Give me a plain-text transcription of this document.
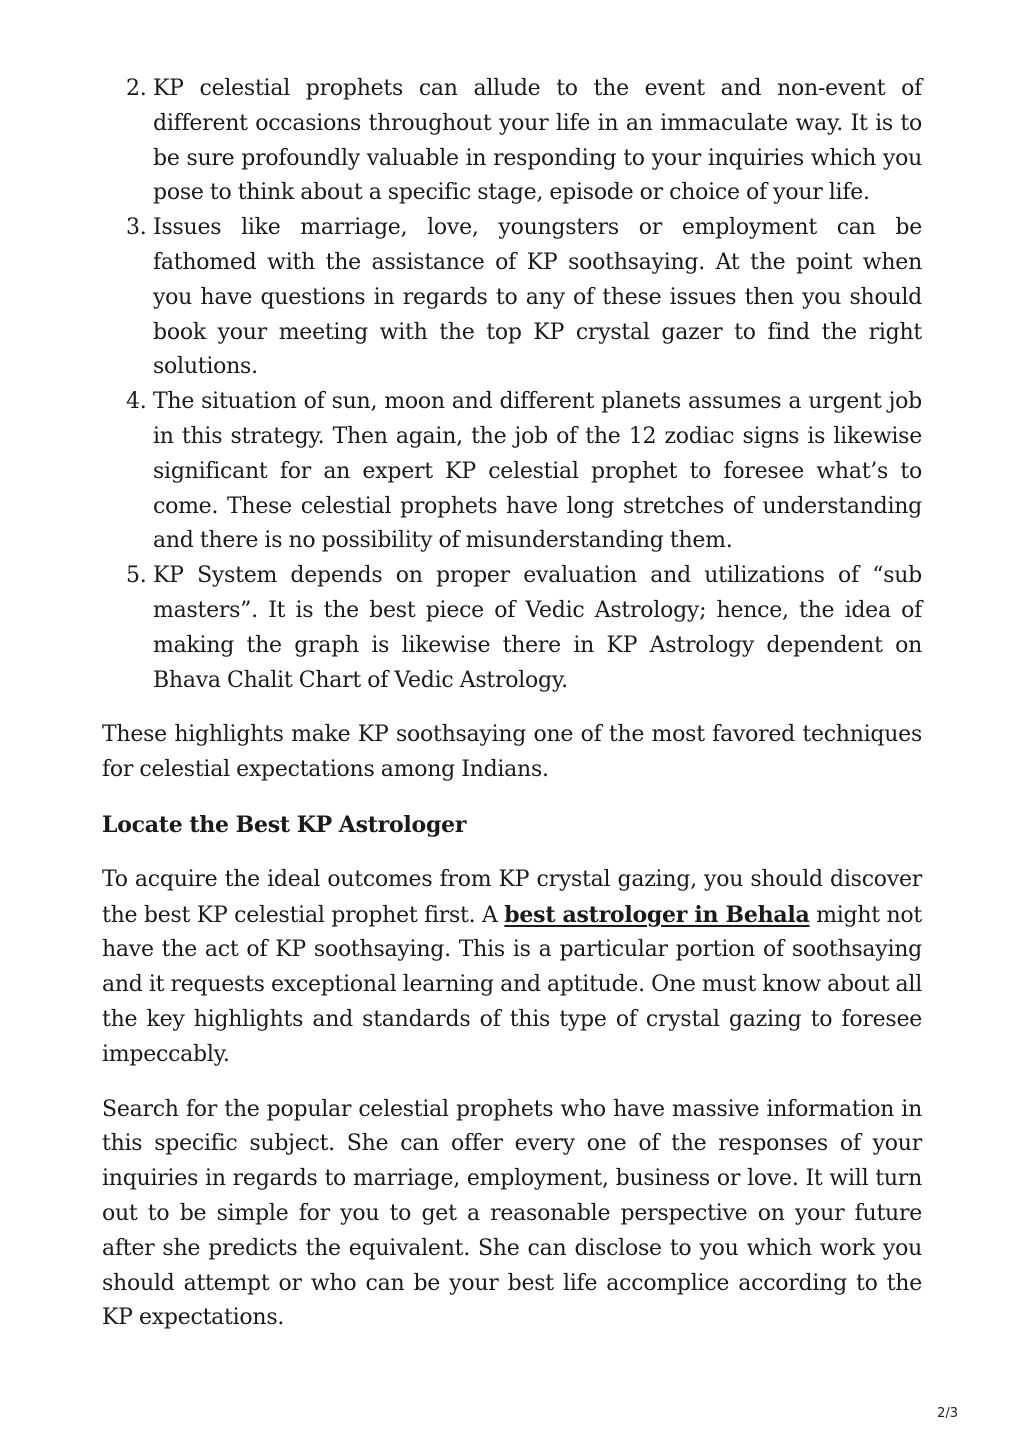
2. KP celestial prophets can allude to the event and non-event of different occasions throughout your life in an immaculate way. It is to be sure profoundly valuable in responding to your inquiries which you pose to think about a specific stage, episode or choice of your life.
3. Issues like marriage, love, youngsters or employment can be fathomed with the assistance of KP soothsaying. At the point when you have questions in regards to any of these issues then you should book your meeting with the top KP crystal gazer to find the right solutions.
4. The situation of sun, moon and different planets assumes a urgent job in this strategy. Then again, the job of the 12 zodiac signs is likewise significant for an expert KP celestial prophet to foresee what’s to come. These celestial prophets have long stretches of understanding and there is no possibility of misunderstanding them.
5. KP System depends on proper evaluation and utilizations of “sub masters”. It is the best piece of Vedic Astrology; hence, the idea of making the graph is likewise there in KP Astrology dependent on Bhava Chalit Chart of Vedic Astrology.

These highlights make KP soothsaying one of the most favored techniques for celestial expectations among Indians.

Locate the Best KP Astrologer

To acquire the ideal outcomes from KP crystal gazing, you should discover the best KP celestial prophet first. A best astrologer in Behala might not have the act of KP soothsaying. This is a particular portion of soothsaying and it requests exceptional learning and aptitude. One must know about all the key highlights and standards of this type of crystal gazing to foresee impeccably.

Search for the popular celestial prophets who have massive information in this specific subject. She can offer every one of the responses of your inquiries in regards to marriage, employment, business or love. It will turn out to be simple for you to get a reasonable perspective on your future after she predicts the equivalent. She can disclose to you which work you should attempt or who can be your best life accomplice according to the KP expectations.

2/3
